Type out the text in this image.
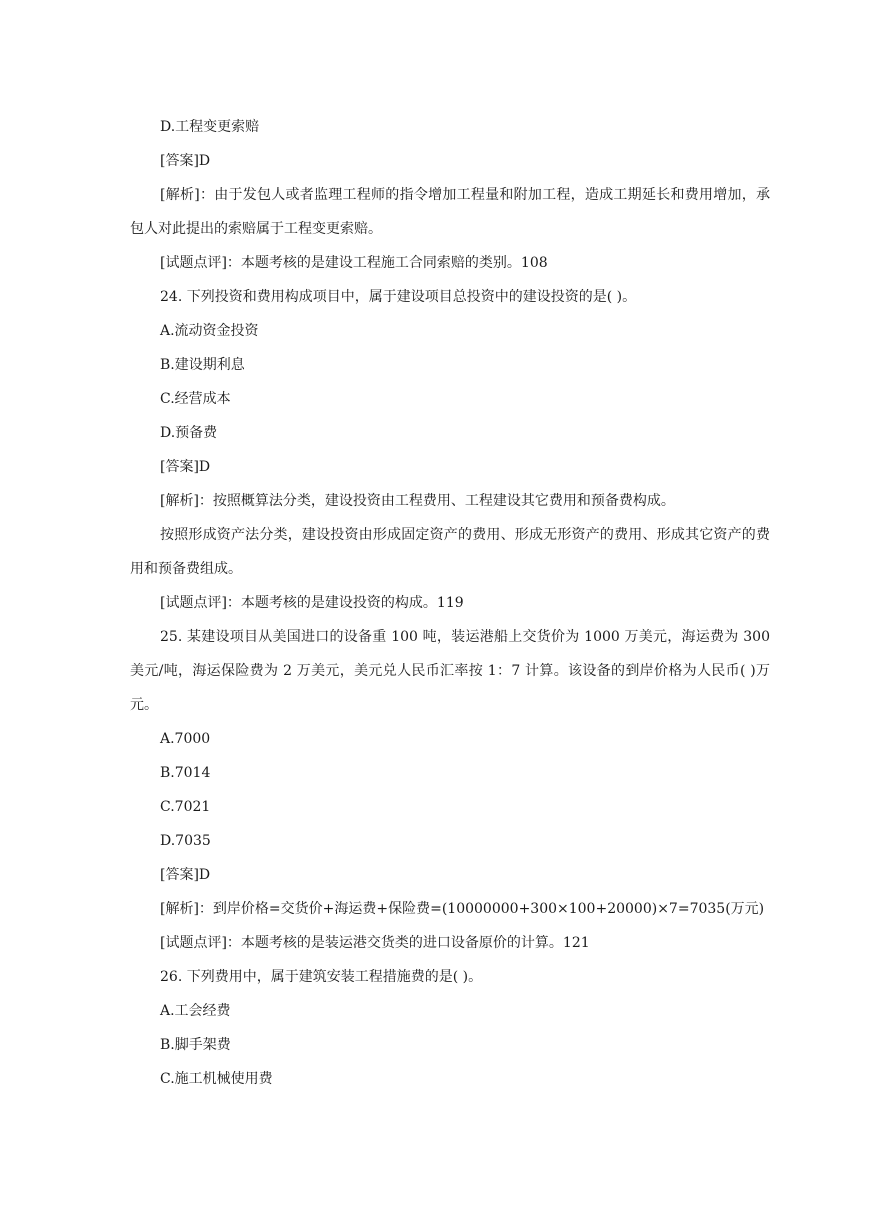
D.工程变更索赔

[答案]D

[解析]：由于发包人或者监理工程师的指令增加工程量和附加工程，造成工期延长和费用增加，承包人对此提出的索赔属于工程变更索赔。

[试题点评]：本题考核的是建设工程施工合同索赔的类别。108

24. 下列投资和费用构成项目中，属于建设项目总投资中的建设投资的是( )。

A.流动资金投资

B.建设期利息

C.经营成本

D.预备费

[答案]D

[解析]：按照概算法分类，建设投资由工程费用、工程建设其它费用和预备费构成。

按照形成资产法分类，建设投资由形成固定资产的费用、形成无形资产的费用、形成其它资产的费用和预备费组成。

[试题点评]：本题考核的是建设投资的构成。119

25. 某建设项目从美国进口的设备重 100 吨，装运港船上交货价为 1000 万美元，海运费为 300 美元/吨，海运保险费为 2 万美元，美元兑人民币汇率按 1：7 计算。该设备的到岸价格为人民币( )万元。

A.7000

B.7014

C.7021

D.7035

[答案]D

[解析]：到岸价格=交货价+海运费+保险费=(10000000+300×100+20000)×7=7035(万元)

[试题点评]：本题考核的是装运港交货类的进口设备原价的计算。121

26. 下列费用中，属于建筑安装工程措施费的是( )。

A.工会经费

B.脚手架费

C.施工机械使用费
